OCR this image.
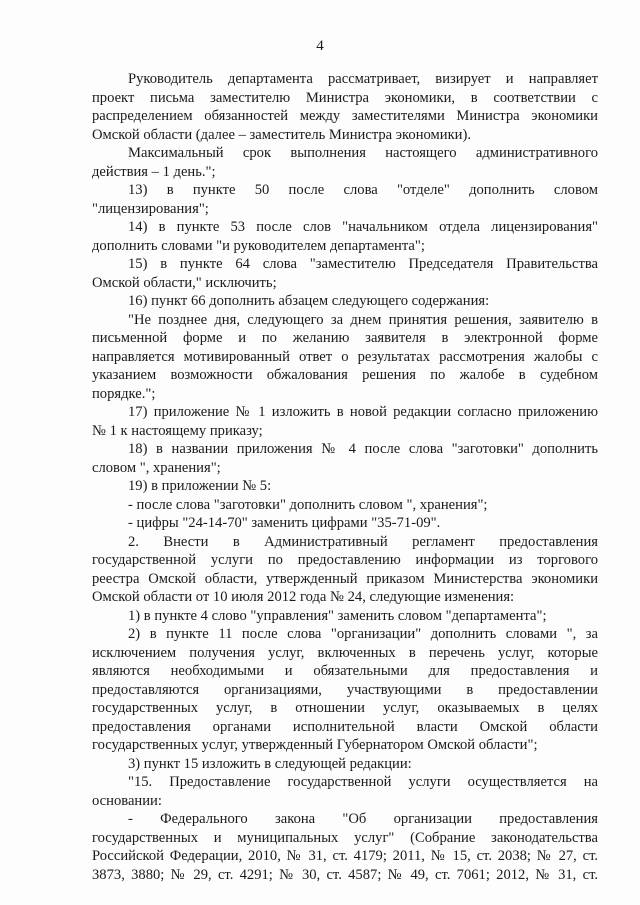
4
Руководитель департамента рассматривает, визирует и направляет
проект письма заместителю Министра экономики, в соответствии с
распределением обязанностей между заместителями Министра экономики
Омской области (далее – заместитель Министра экономики).
Максимальный срок выполнения настоящего административного
действия – 1 день.";
13) в пункте 50 после слова "отделе" дополнить словом
"лицензирования";
14) в пункте 53 после слов "начальником отдела лицензирования"
дополнить словами "и руководителем департамента";
15) в пункте 64 слова "заместителю Председателя Правительства
Омской области," исключить;
16) пункт 66 дополнить абзацем следующего содержания:
"Не позднее дня, следующего за днем принятия решения, заявителю в
письменной форме и по желанию заявителя в электронной форме
направляется мотивированный ответ о результатах рассмотрения жалобы с
указанием возможности обжалования решения по жалобе в судебном
порядке.";
17) приложение № 1 изложить в новой редакции согласно приложению
№ 1 к настоящему приказу;
18) в названии приложения № 4 после слова "заготовки" дополнить
словом ", хранения";
19) в приложении № 5:
- после слова "заготовки" дополнить словом ", хранения";
- цифры "24-14-70" заменить цифрами "35-71-09".
2. Внести в Административный регламент предоставления
государственной услуги по предоставлению информации из торгового
реестра Омской области, утвержденный приказом Министерства экономики
Омской области от 10 июля 2012 года № 24, следующие изменения:
1) в пункте 4 слово "управления" заменить словом "департамента";
2) в пункте 11 после слова "организации" дополнить словами ", за
исключением получения услуг, включенных в перечень услуг, которые
являются необходимыми и обязательными для предоставления и
предоставляются организациями, участвующими в предоставлении
государственных услуг, в отношении услуг, оказываемых в целях
предоставления органами исполнительной власти Омской области
государственных услуг, утвержденный Губернатором Омской области";
3) пункт 15 изложить в следующей редакции:
"15. Предоставление государственной услуги осуществляется на
основании:
- Федерального закона "Об организации предоставления
государственных и муниципальных услуг" (Собрание законодательства
Российской Федерации, 2010, № 31, ст. 4179; 2011, № 15, ст. 2038; № 27, ст.
3873, 3880; № 29, ст. 4291; № 30, ст. 4587; № 49, ст. 7061; 2012, № 31, ст.
